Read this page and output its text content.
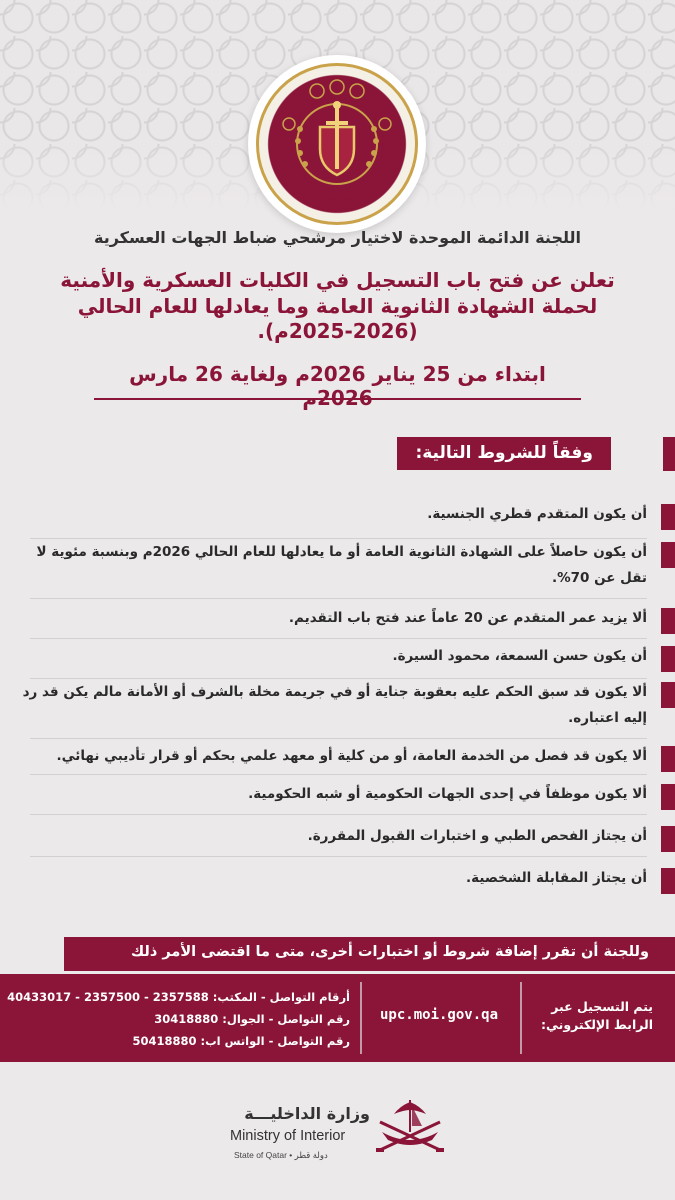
اللجنة الدائمة الموحدة لاختيار مرشحي ضباط الجهات العسكرية
تعلن عن فتح باب التسجيل في الكليات العسكرية والأمنية
لحملة الشهادة الثانوية العامة وما يعادلها للعام الحالي
(2025-2026م).
ابتداء من 25 يناير 2026م ولغاية 26 مارس 2026م
وفقاً للشروط التالية:
أن يكون المتقدم قطري الجنسية.
أن يكون حاصلاً على الشهادة الثانوية العامة أو ما يعادلها للعام الحالي 2026م وبنسبة مئوية لا تقل عن 70%.
ألا يزيد عمر المتقدم عن 20 عاماً عند فتح باب التقديم.
أن يكون حسن السمعة، محمود السيرة.
ألا يكون قد سبق الحكم عليه بعقوبة جناية أو في جريمة مخلة بالشرف أو الأمانة مالم يكن قد رد إليه اعتباره.
ألا يكون قد فصل من الخدمة العامة، أو من كلية أو معهد علمي بحكم أو قرار تأديبي نهائي.
ألا يكون موظفاً في إحدى الجهات الحكومية أو شبه الحكومية.
أن يجتاز الفحص الطبي و اختبارات القبول المقررة.
أن يجتاز المقابلة الشخصية.
وللجنة أن تقرر إضافة شروط أو اختبارات أخرى، متى ما اقتضى الأمر ذلك
يتم التسجيل عبر
الرابط الإلكتروني:
upc.moi.gov.qa
أرقام التواصل - المكتب: 2357588 - 2357500 - 40433017
رقم التواصل - الجوال: 30418880
رقم التواصل - الواتس اب: 50418880
وزارة الداخليـــة
Ministry of Interior
State of Qatar • دولة قطر
